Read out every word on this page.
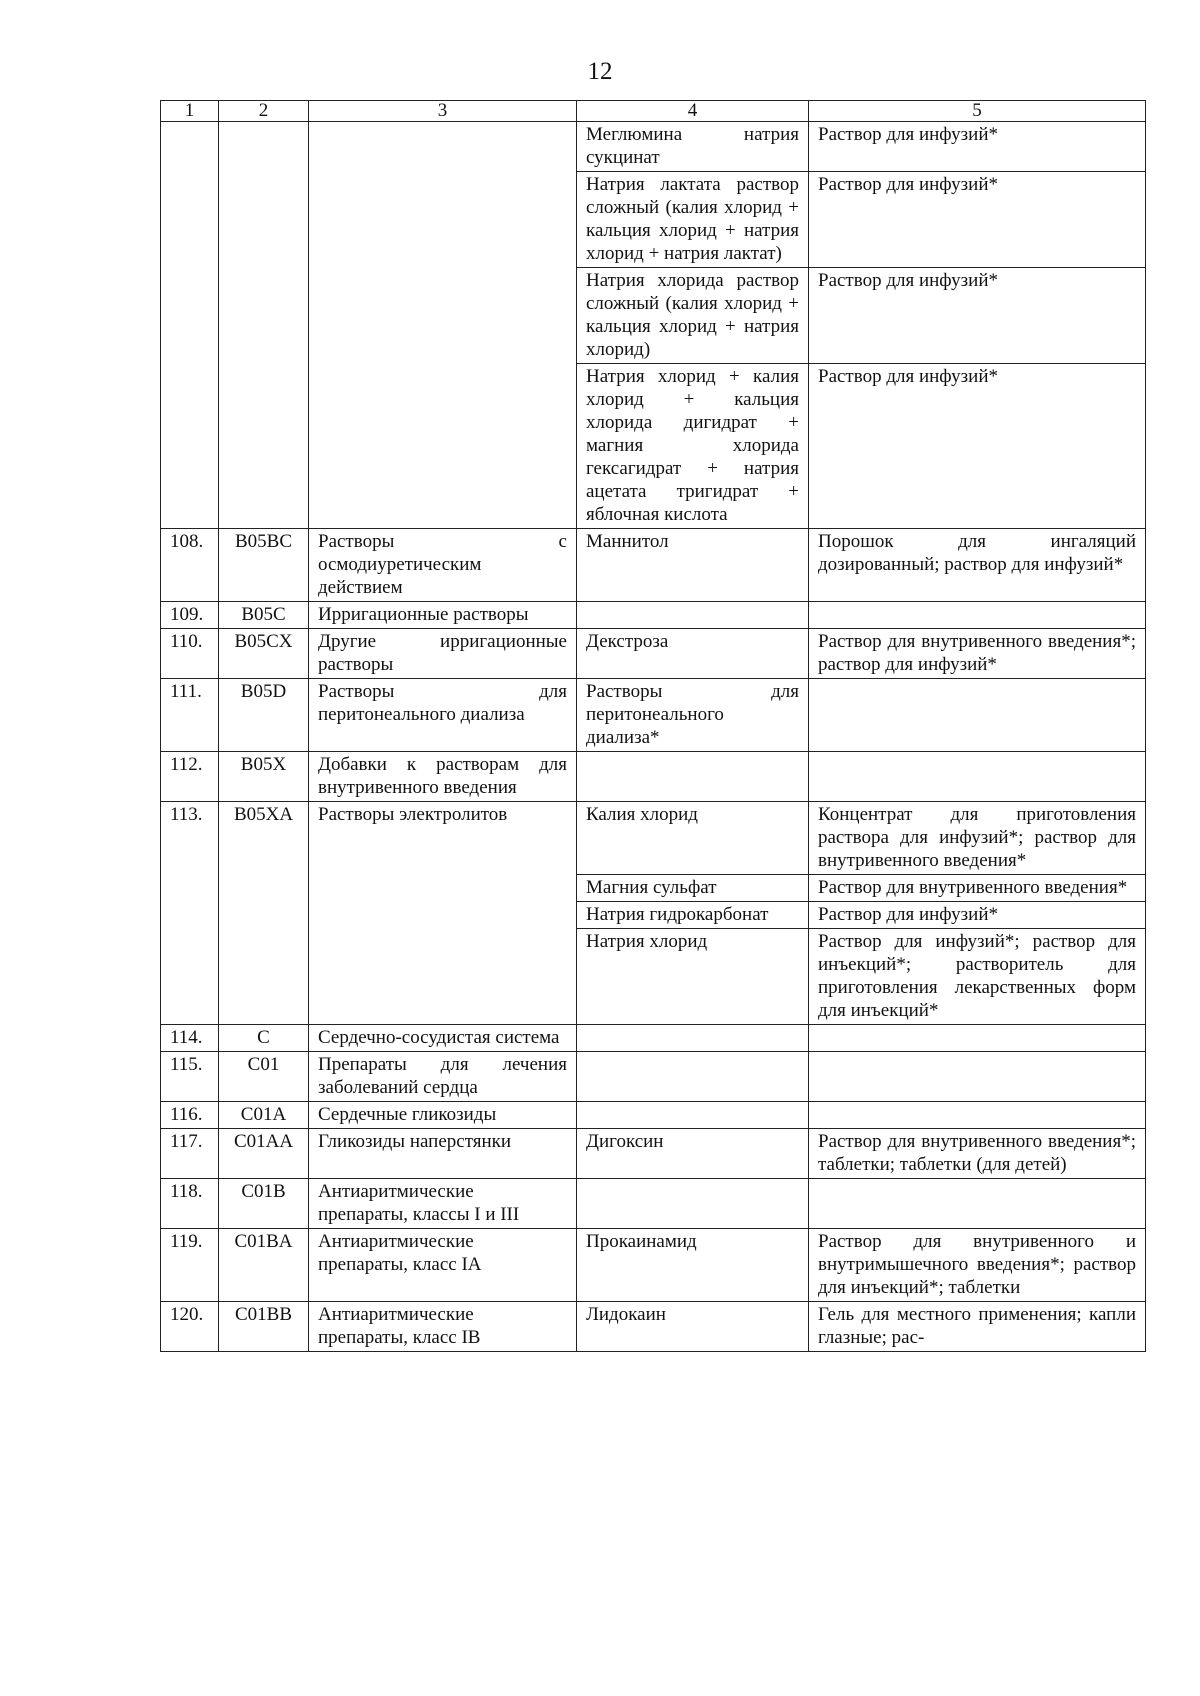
12
1	2	3	4	5
			Меглюмина натрия сукцинат	Раствор для инфузий*
			Натрия лактата раствор сложный (калия хлорид + кальция хлорид + натрия хлорид + натрия лактат)	Раствор для инфузий*
			Натрия хлорида раствор сложный (калия хлорид + кальция хлорид + натрия хлорид)	Раствор для инфузий*
			Натрия хлорид + калия хлорид + кальция хлорида дигидрат + магния хлорида гексагидрат + натрия ацетата тригидрат + яблочная кислота	Раствор для инфузий*
108.	B05BC	Растворы с осмодиуретическим действием	Маннитол	Порошок для ингаляций дозированный; раствор для инфузий*
109.	B05C	Ирригационные растворы		
110.	B05CX	Другие ирригационные растворы	Декстроза	Раствор для внутривенного введения*; раствор для инфузий*
111.	B05D	Растворы для перитонеального диализа	Растворы для перитонеального диализа*	
112.	B05X	Добавки к растворам для внутривенного введения		
113.	B05XA	Растворы электролитов	Калия хлорид	Концентрат для приготовления раствора для инфузий*; раствор для внутривенного введения*
			Магния сульфат	Раствор для внутривенного введения*
			Натрия гидрокарбонат	Раствор для инфузий*
			Натрия хлорид	Раствор для инфузий*; раствор для инъекций*; растворитель для приготовления лекарственных форм для инъекций*
114.	C	Сердечно-сосудистая система		
115.	C01	Препараты для лечения заболеваний сердца		
116.	C01A	Сердечные гликозиды		
117.	C01AA	Гликозиды наперстянки	Дигоксин	Раствор для внутривенного введения*; таблетки; таблетки (для детей)
118.	C01B	Антиаритмические препараты, классы I и III		
119.	C01BA	Антиаритмические препараты, класс IA	Прокаинамид	Раствор для внутривенного и внутримышечного введения*; раствор для инъекций*; таблетки
120.	C01BB	Антиаритмические препараты, класс IB	Лидокаин	Гель для местного применения; капли глазные; рас-
